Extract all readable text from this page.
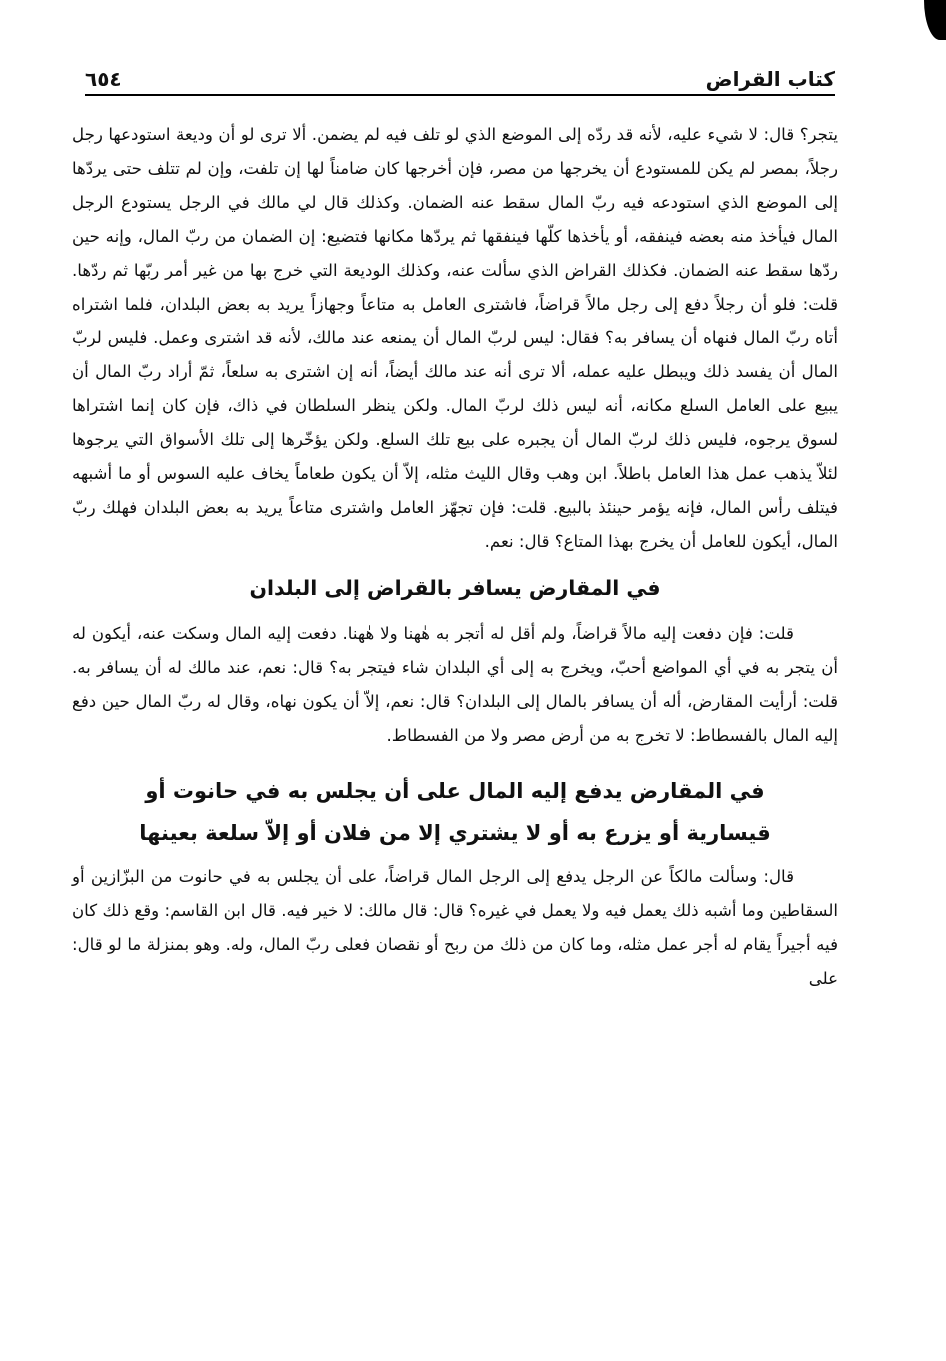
٦٥٤	كتاب القراض

يتجر؟ قال: لا شيء عليه، لأنه قد ردّه إلى الموضع الذي لو تلف فيه لم يضمن. ألا ترى لو أن وديعة استودعها رجل رجلاً، بمصر لم يكن للمستودع أن يخرجها من مصر، فإن أخرجها كان ضامناً لها إن تلفت، وإن لم تتلف حتى يردّها إلى الموضع الذي استودعه فيه ربّ المال سقط عنه الضمان. وكذلك قال لي مالك في الرجل يستودع الرجل المال فيأخذ منه بعضه فينفقه، أو يأخذها كلّها فينفقها ثم يردّها مكانها فتضيع: إن الضمان من ربّ المال، وإنه حين ردّها سقط عنه الضمان. فكذلك القراض الذي سألت عنه، وكذلك الوديعة التي خرج بها من غير أمر ربّها ثم ردّها. قلت: فلو أن رجلاً دفع إلى رجل مالاً قراضاً، فاشترى العامل به متاعاً وجهازاً يريد به بعض البلدان، فلما اشتراه أتاه ربّ المال فنهاه أن يسافر به؟ فقال: ليس لربّ المال أن يمنعه عند مالك، لأنه قد اشترى وعمل. فليس لربّ المال أن يفسد ذلك ويبطل عليه عمله، ألا ترى أنه عند مالك أيضاً، أنه إن اشترى به سلعاً، ثمّ أراد ربّ المال أن يبيع على العامل السلع مكانه، أنه ليس ذلك لربّ المال. ولكن ينظر السلطان في ذاك، فإن كان إنما اشتراها لسوق يرجوه، فليس ذلك لربّ المال أن يجبره على بيع تلك السلع. ولكن يؤخّرها إلى تلك الأسواق التي يرجوها لئلاّ يذهب عمل هذا العامل باطلاً. ابن وهب وقال الليث مثله، إلاّ أن يكون طعاماً يخاف عليه السوس أو ما أشبهه فيتلف رأس المال، فإنه يؤمر حينئذ بالبيع. قلت: فإن تجهّز العامل واشترى متاعاً يريد به بعض البلدان فهلك ربّ المال، أيكون للعامل أن يخرج بهذا المتاع؟ قال: نعم.

في المقارض يسافر بالقراض إلى البلدان

قلت: فإن دفعت إليه مالاً قراضاً، ولم أقل له أتجر به هٰهنا ولا هٰهنا. دفعت إليه المال وسكت عنه، أيكون له أن يتجر به في أي المواضع أحبّ، ويخرج به إلى أي البلدان شاء فيتجر به؟ قال: نعم، عند مالك له أن يسافر به. قلت: أرأيت المقارض، أله أن يسافر بالمال إلى البلدان؟ قال: نعم، إلاّ أن يكون نهاه، وقال له ربّ المال حين دفع إليه المال بالفسطاط: لا تخرج به من أرض مصر ولا من الفسطاط.

في المقارض يدفع إليه المال على أن يجلس به في حانوت أو
قيسارية أو يزرع به أو لا يشتري إلا من فلان أو إلاّ سلعة بعينها

قال: وسألت مالكاً عن الرجل يدفع إلى الرجل المال قراضاً، على أن يجلس به في حانوت من البزّازين أو السقاطين وما أشبه ذلك يعمل فيه ولا يعمل في غيره؟ قال: قال مالك: لا خير فيه. قال ابن القاسم: وقع ذلك كان فيه أجيراً يقام له أجر عمل مثله، وما كان من ذلك من ربح أو نقصان فعلى ربّ المال، وله. وهو بمنزلة ما لو قال: على
